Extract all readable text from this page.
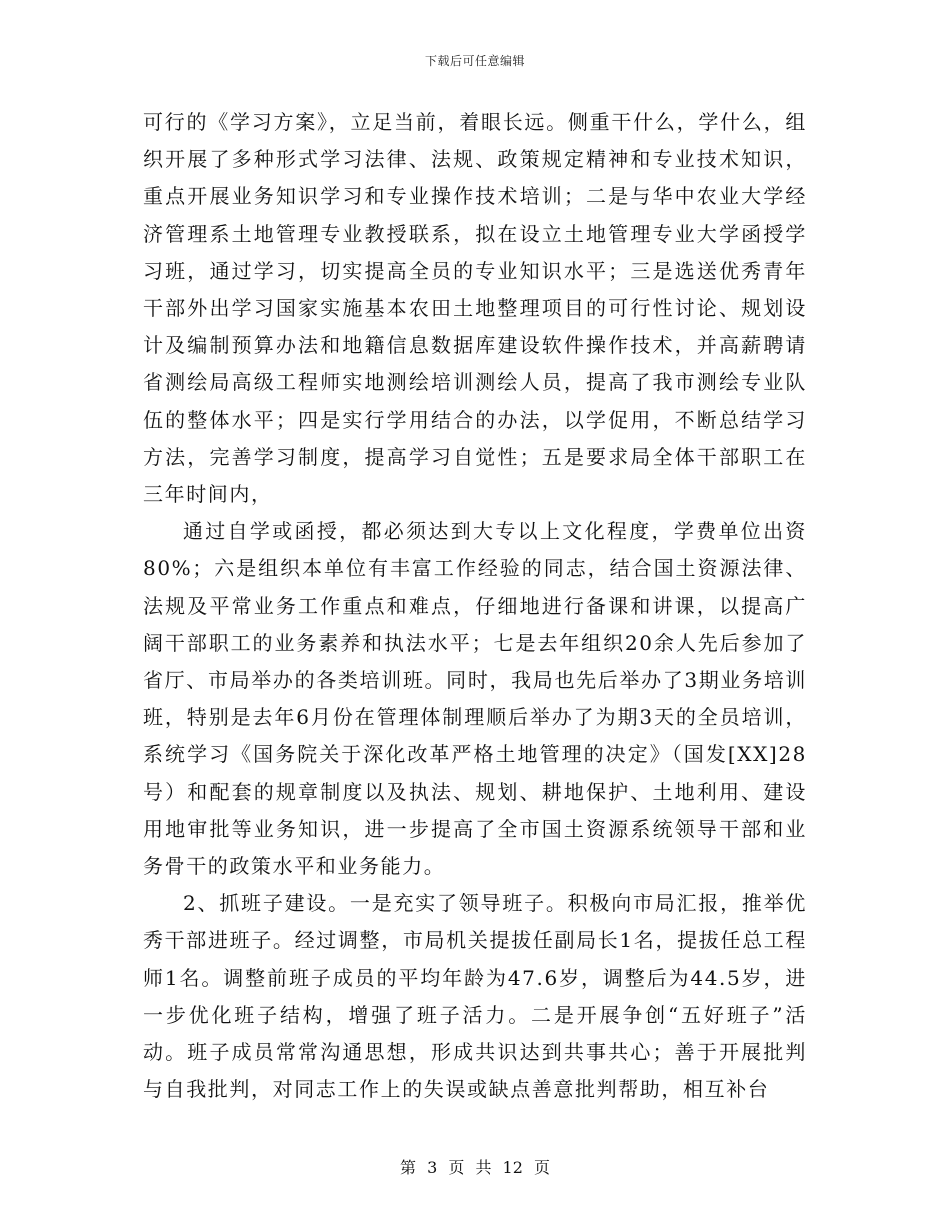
下载后可任意编辑

可行的《学习方案》，立足当前，着眼长远。侧重干什么，学什么，组织开展了多种形式学习法律、法规、政策规定精神和专业技术知识，重点开展业务知识学习和专业操作技术培训；二是与华中农业大学经济管理系土地管理专业教授联系，拟在设立土地管理专业大学函授学习班，通过学习，切实提高全员的专业知识水平；三是选送优秀青年干部外出学习国家实施基本农田土地整理项目的可行性讨论、规划设计及编制预算办法和地籍信息数据库建设软件操作技术，并高薪聘请省测绘局高级工程师实地测绘培训测绘人员，提高了我市测绘专业队伍的整体水平；四是实行学用结合的办法，以学促用，不断总结学习方法，完善学习制度，提高学习自觉性；五是要求局全体干部职工在三年时间内，

通过自学或函授，都必须达到大专以上文化程度，学费单位出资80%；六是组织本单位有丰富工作经验的同志，结合国土资源法律、法规及平常业务工作重点和难点，仔细地进行备课和讲课，以提高广阔干部职工的业务素养和执法水平；七是去年组织20余人先后参加了省厅、市局举办的各类培训班。同时，我局也先后举办了3期业务培训班，特别是去年6月份在管理体制理顺后举办了为期3天的全员培训，系统学习《国务院关于深化改革严格土地管理的决定》（国发[XX]28号）和配套的规章制度以及执法、规划、耕地保护、土地利用、建设用地审批等业务知识，进一步提高了全市国土资源系统领导干部和业务骨干的政策水平和业务能力。

2、抓班子建设。一是充实了领导班子。积极向市局汇报，推举优秀干部进班子。经过调整，市局机关提拔任副局长1名，提拔任总工程师1名。调整前班子成员的平均年龄为47.6岁，调整后为44.5岁，进一步优化班子结构，增强了班子活力。二是开展争创“五好班子”活动。班子成员常常沟通思想，形成共识达到共事共心；善于开展批判与自我批判，对同志工作上的失误或缺点善意批判帮助，相互补台

第 3 页 共 12 页
